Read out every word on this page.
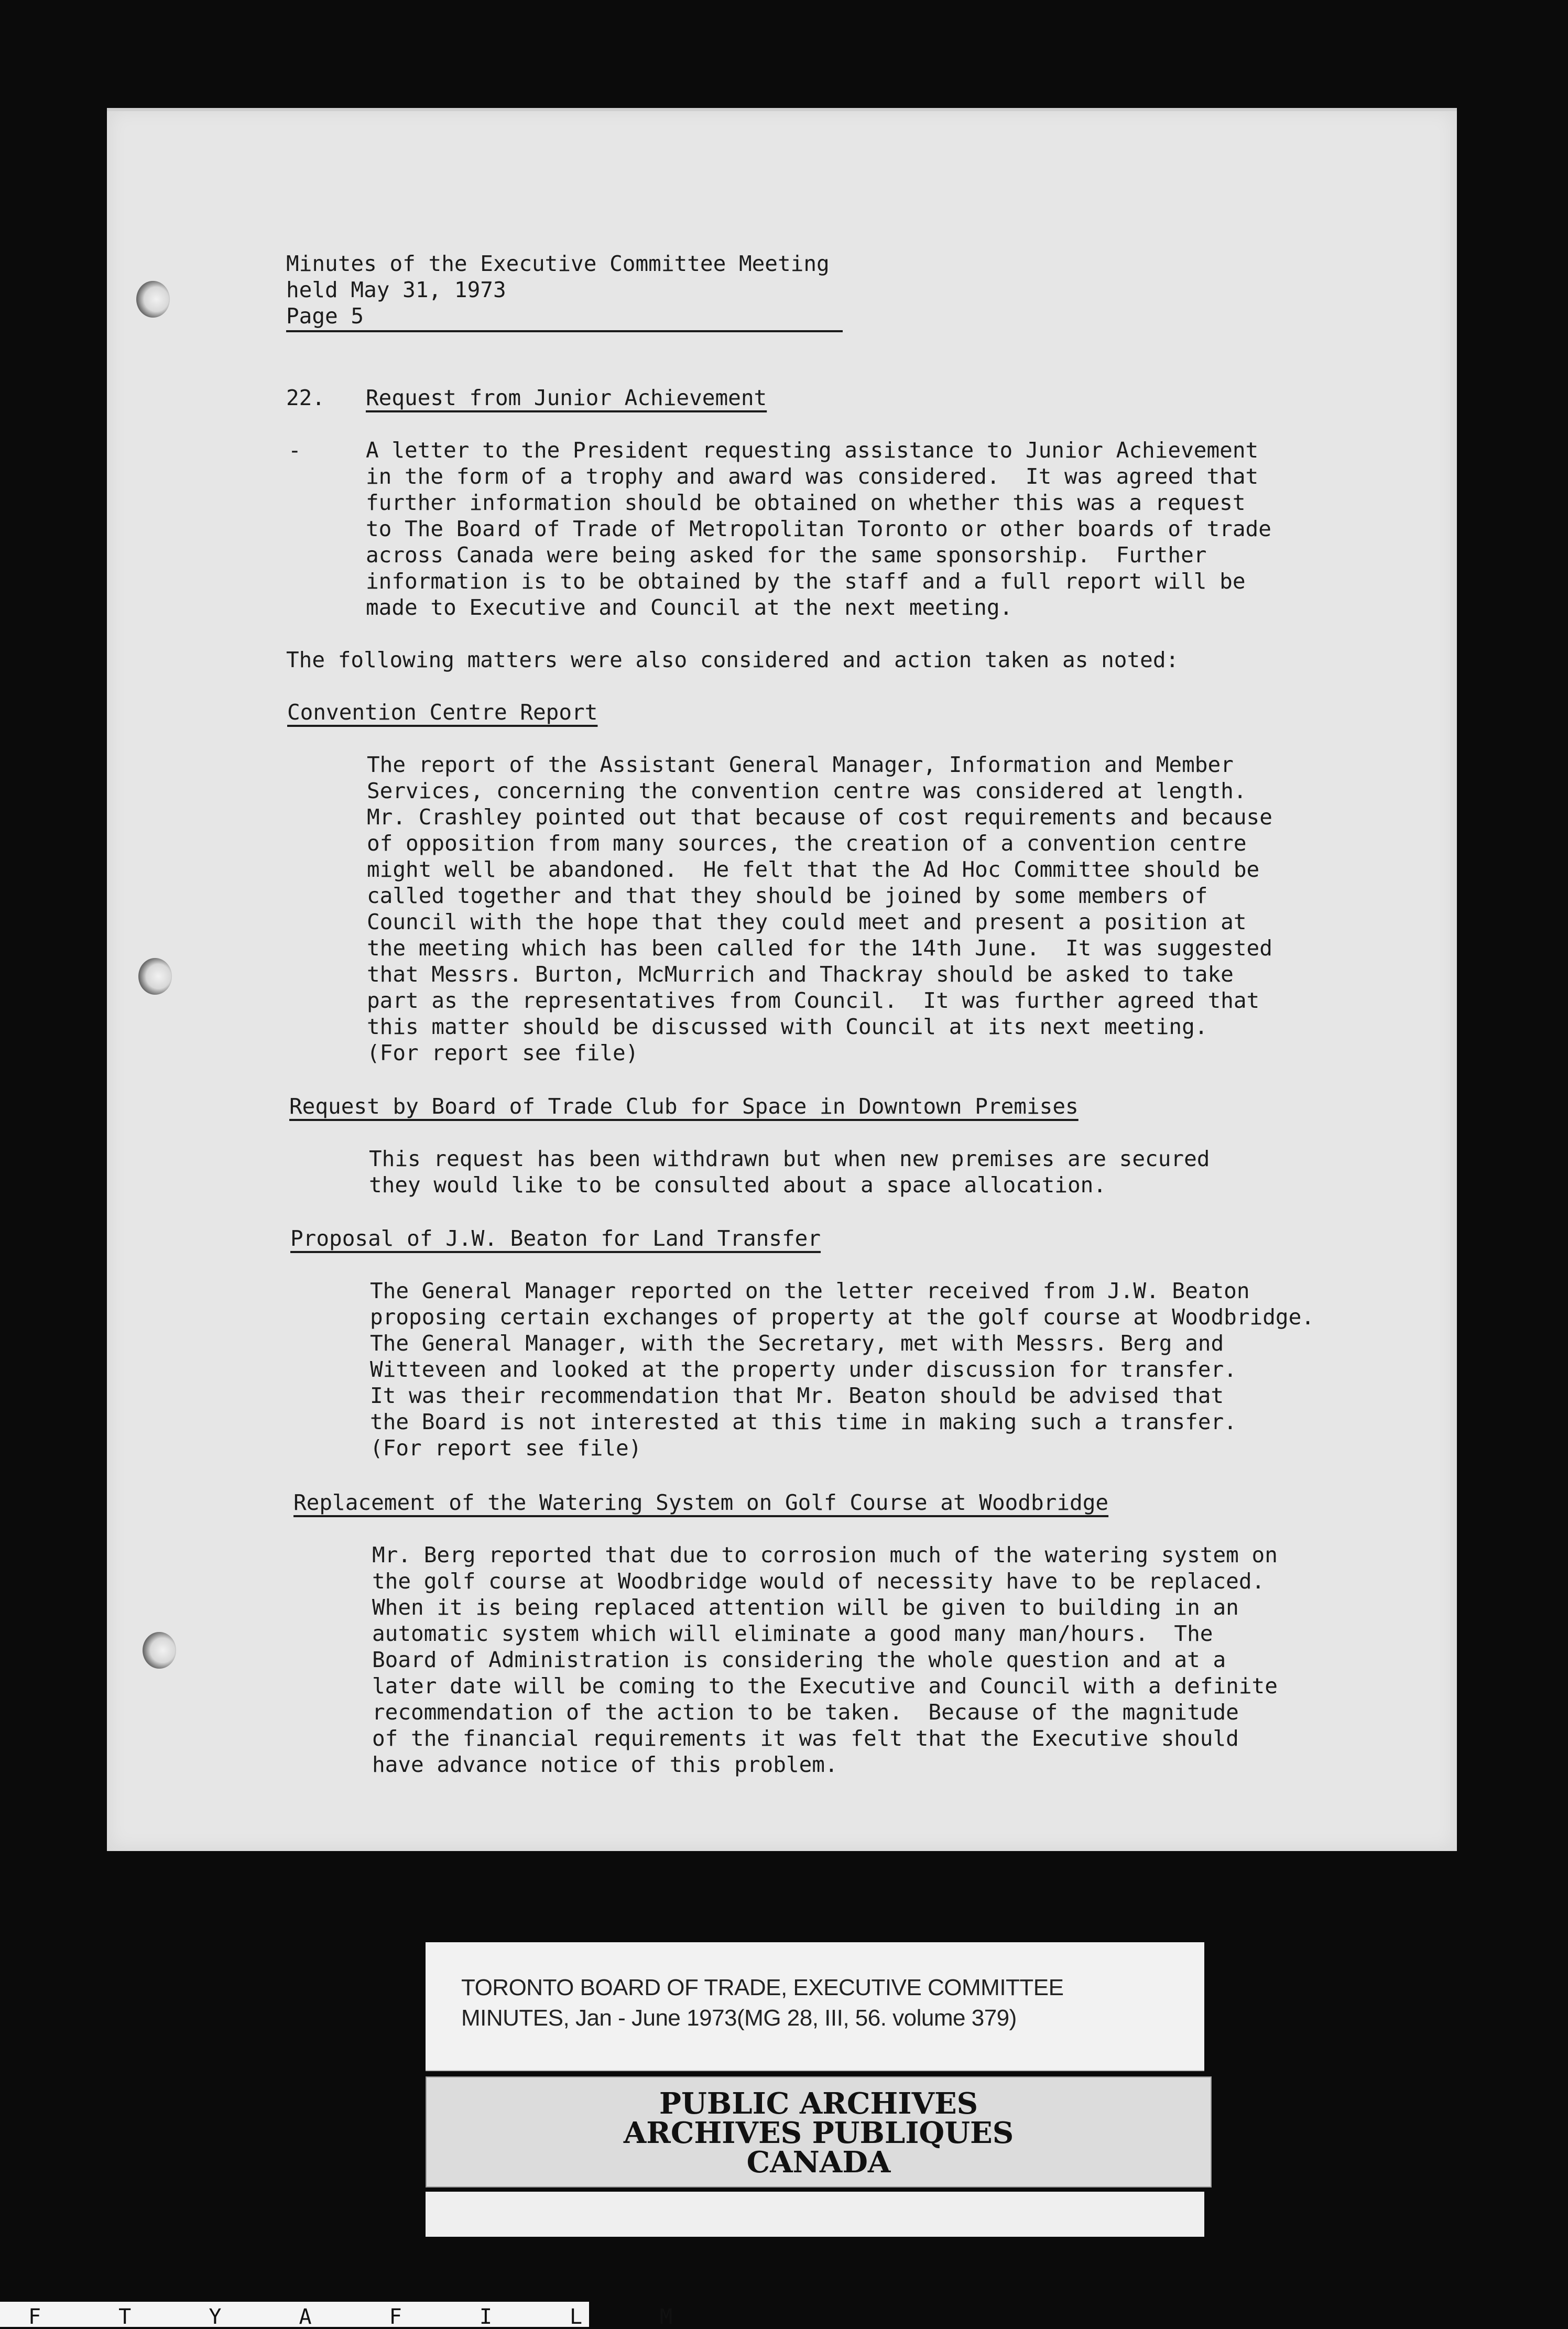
Minutes of the Executive Committee Meeting
held May 31, 1973
Page 5
22. Request from Junior Achievement
-	A letter to the President requesting assistance to Junior Achievement
in the form of a trophy and award was considered.  It was agreed that
further information should be obtained on whether this was a request
to The Board of Trade of Metropolitan Toronto or other boards of trade
across Canada were being asked for the same sponsorship.  Further
information is to be obtained by the staff and a full report will be
made to Executive and Council at the next meeting.
The following matters were also considered and action taken as noted:
Convention Centre Report
The report of the Assistant General Manager, Information and Member
Services, concerning the convention centre was considered at length.
Mr. Crashley pointed out that because of cost requirements and because
of opposition from many sources, the creation of a convention centre
might well be abandoned.  He felt that the Ad Hoc Committee should be
called together and that they should be joined by some members of
Council with the hope that they could meet and present a position at
the meeting which has been called for the 14th June.  It was suggested
that Messrs. Burton, McMurrich and Thackray should be asked to take
part as the representatives from Council.  It was further agreed that
this matter should be discussed with Council at its next meeting.
(For report see file)
Request by Board of Trade Club for Space in Downtown Premises
This request has been withdrawn but when new premises are secured
they would like to be consulted about a space allocation.
Proposal of J.W. Beaton for Land Transfer
The General Manager reported on the letter received from J.W. Beaton
proposing certain exchanges of property at the golf course at Woodbridge.
The General Manager, with the Secretary, met with Messrs. Berg and
Witteveen and looked at the property under discussion for transfer.
It was their recommendation that Mr. Beaton should be advised that
the Board is not interested at this time in making such a transfer.
(For report see file)
Replacement of the Watering System on Golf Course at Woodbridge
Mr. Berg reported that due to corrosion much of the watering system on
the golf course at Woodbridge would of necessity have to be replaced.
When it is being replaced attention will be given to building in an
automatic system which will eliminate a good many man/hours.  The
Board of Administration is considering the whole question and at a
later date will be coming to the Executive and Council with a definite
recommendation of the action to be taken.  Because of the magnitude
of the financial requirements it was felt that the Executive should
have advance notice of this problem.
TORONTO BOARD OF TRADE, EXECUTIVE COMMITTEE
MINUTES, Jan - June 1973(MG 28, III, 56. volume 379)
PUBLIC ARCHIVES
ARCHIVES PUBLIQUES
CANADA
F T Y A F I L M
